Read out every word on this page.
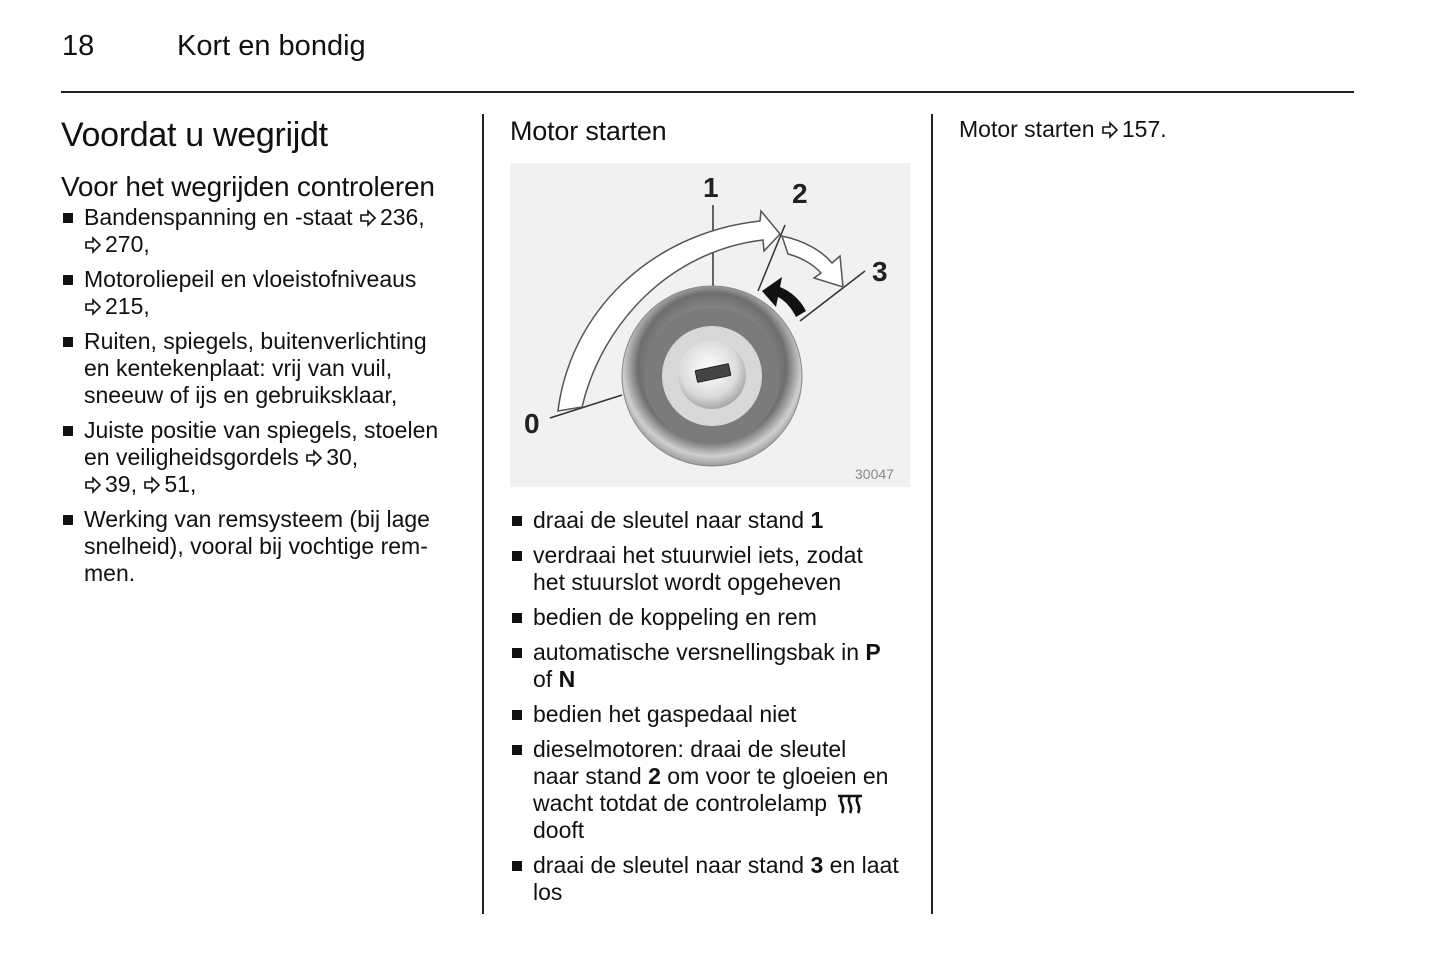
18	Kort en bondig
Voordat u wegrijdt
Voor het wegrijden controleren
Bandenspanning en -staat 236,
270,
Motoroliepeil en vloeistofniveaus
215,
Ruiten, spiegels, buitenverlichting
en kentekenplaat: vrij van vuil,
sneeuw of ijs en gebruiksklaar,
Juiste positie van spiegels, stoelen
en veiligheidsgordels 30,
39, 51,
Werking van remsysteem (bij lage
snelheid), vooral bij vochtige rem-
men.
Motor starten
1	2
3
0
30047
draai de sleutel naar stand 1
verdraai het stuurwiel iets, zodat
het stuurslot wordt opgeheven
bedien de koppeling en rem
automatische versnellingsbak in P
of N
bedien het gaspedaal niet
dieselmotoren: draai de sleutel
naar stand 2 om voor te gloeien en
wacht totdat de controlelamp
dooft
draai de sleutel naar stand 3 en laat
los
Motor starten 157.
